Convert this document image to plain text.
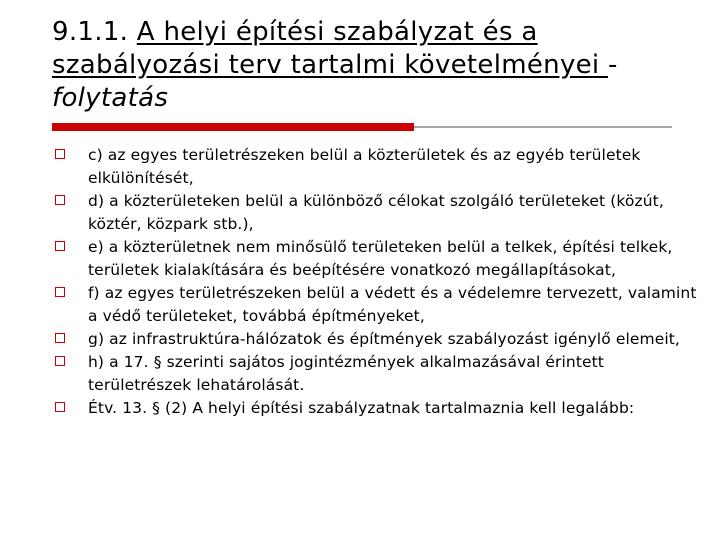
9.1.1. A helyi építési szabályzat és a szabályozási terv tartalmi követelményei - folytatás
c) az egyes területrészeken belül a közterületek és az egyéb területek elkülönítését,
d) a közterületeken belül a különböző célokat szolgáló területeket (közút, köztér, közpark stb.),
e) a közterületnek nem minősülő területeken belül a telkek, építési telkek, területek kialakítására és beépítésére vonatkozó megállapításokat,
f) az egyes területrészeken belül a védett és a védelemre tervezett, valamint a védő területeket, továbbá építményeket,
g) az infrastruktúra-hálózatok és építmények szabályozást igénylő elemeit,
h) a 17. § szerinti sajátos jogintézmények alkalmazásával érintett területrészek lehatárolását.
Étv. 13. § (2) A helyi építési szabályzatnak tartalmaznia kell legalább:
